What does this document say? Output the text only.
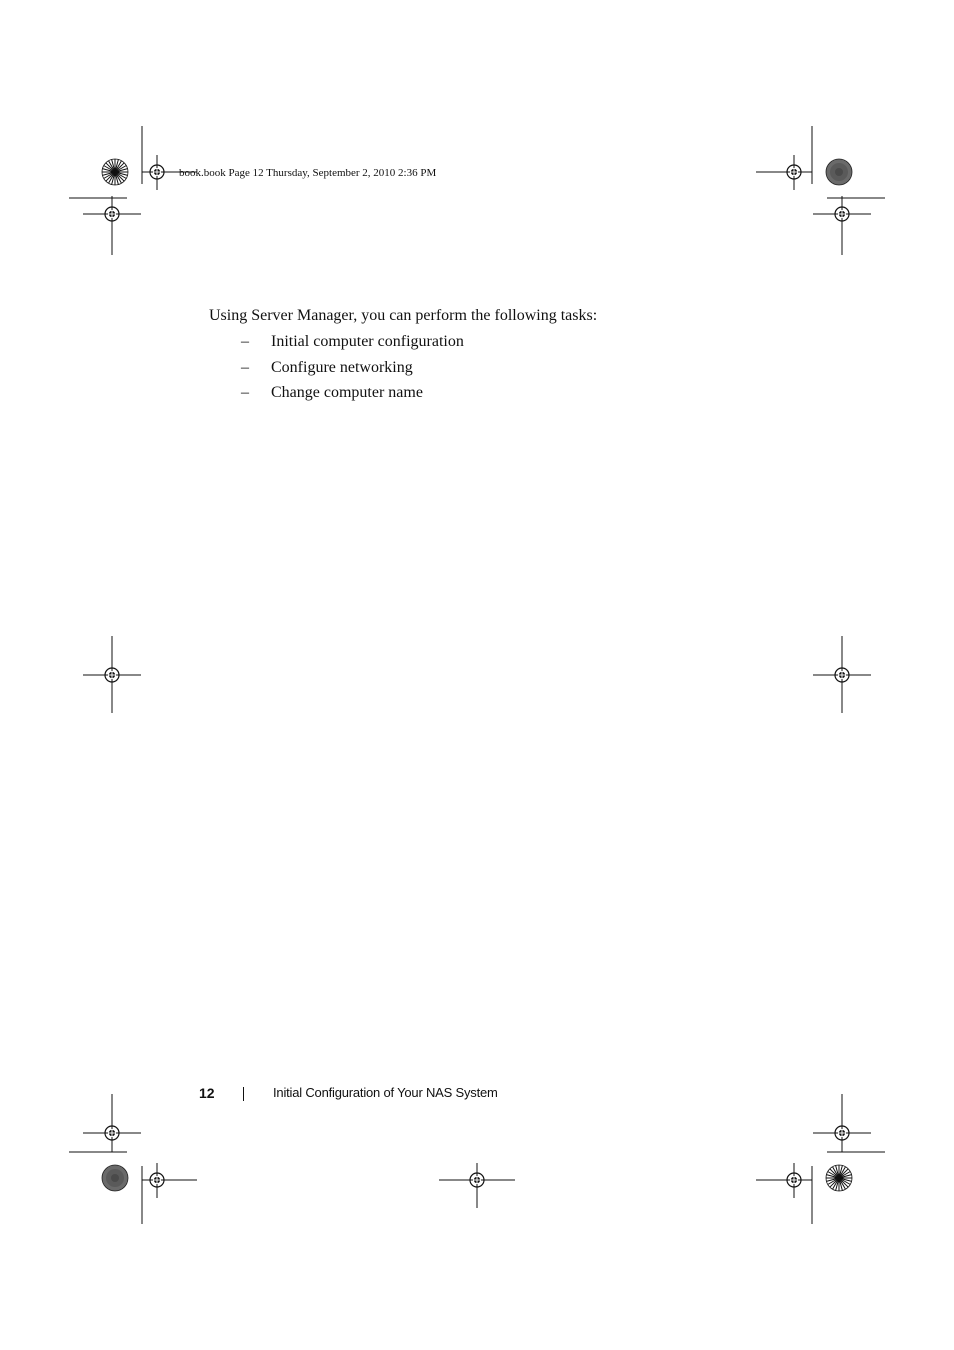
book.book Page 12 Thursday, September 2, 2010 2:36 PM

Using Server Manager, you can perform the following tasks:

– Initial computer configuration
– Configure networking
– Change computer name
12	Initial Configuration of Your NAS System
